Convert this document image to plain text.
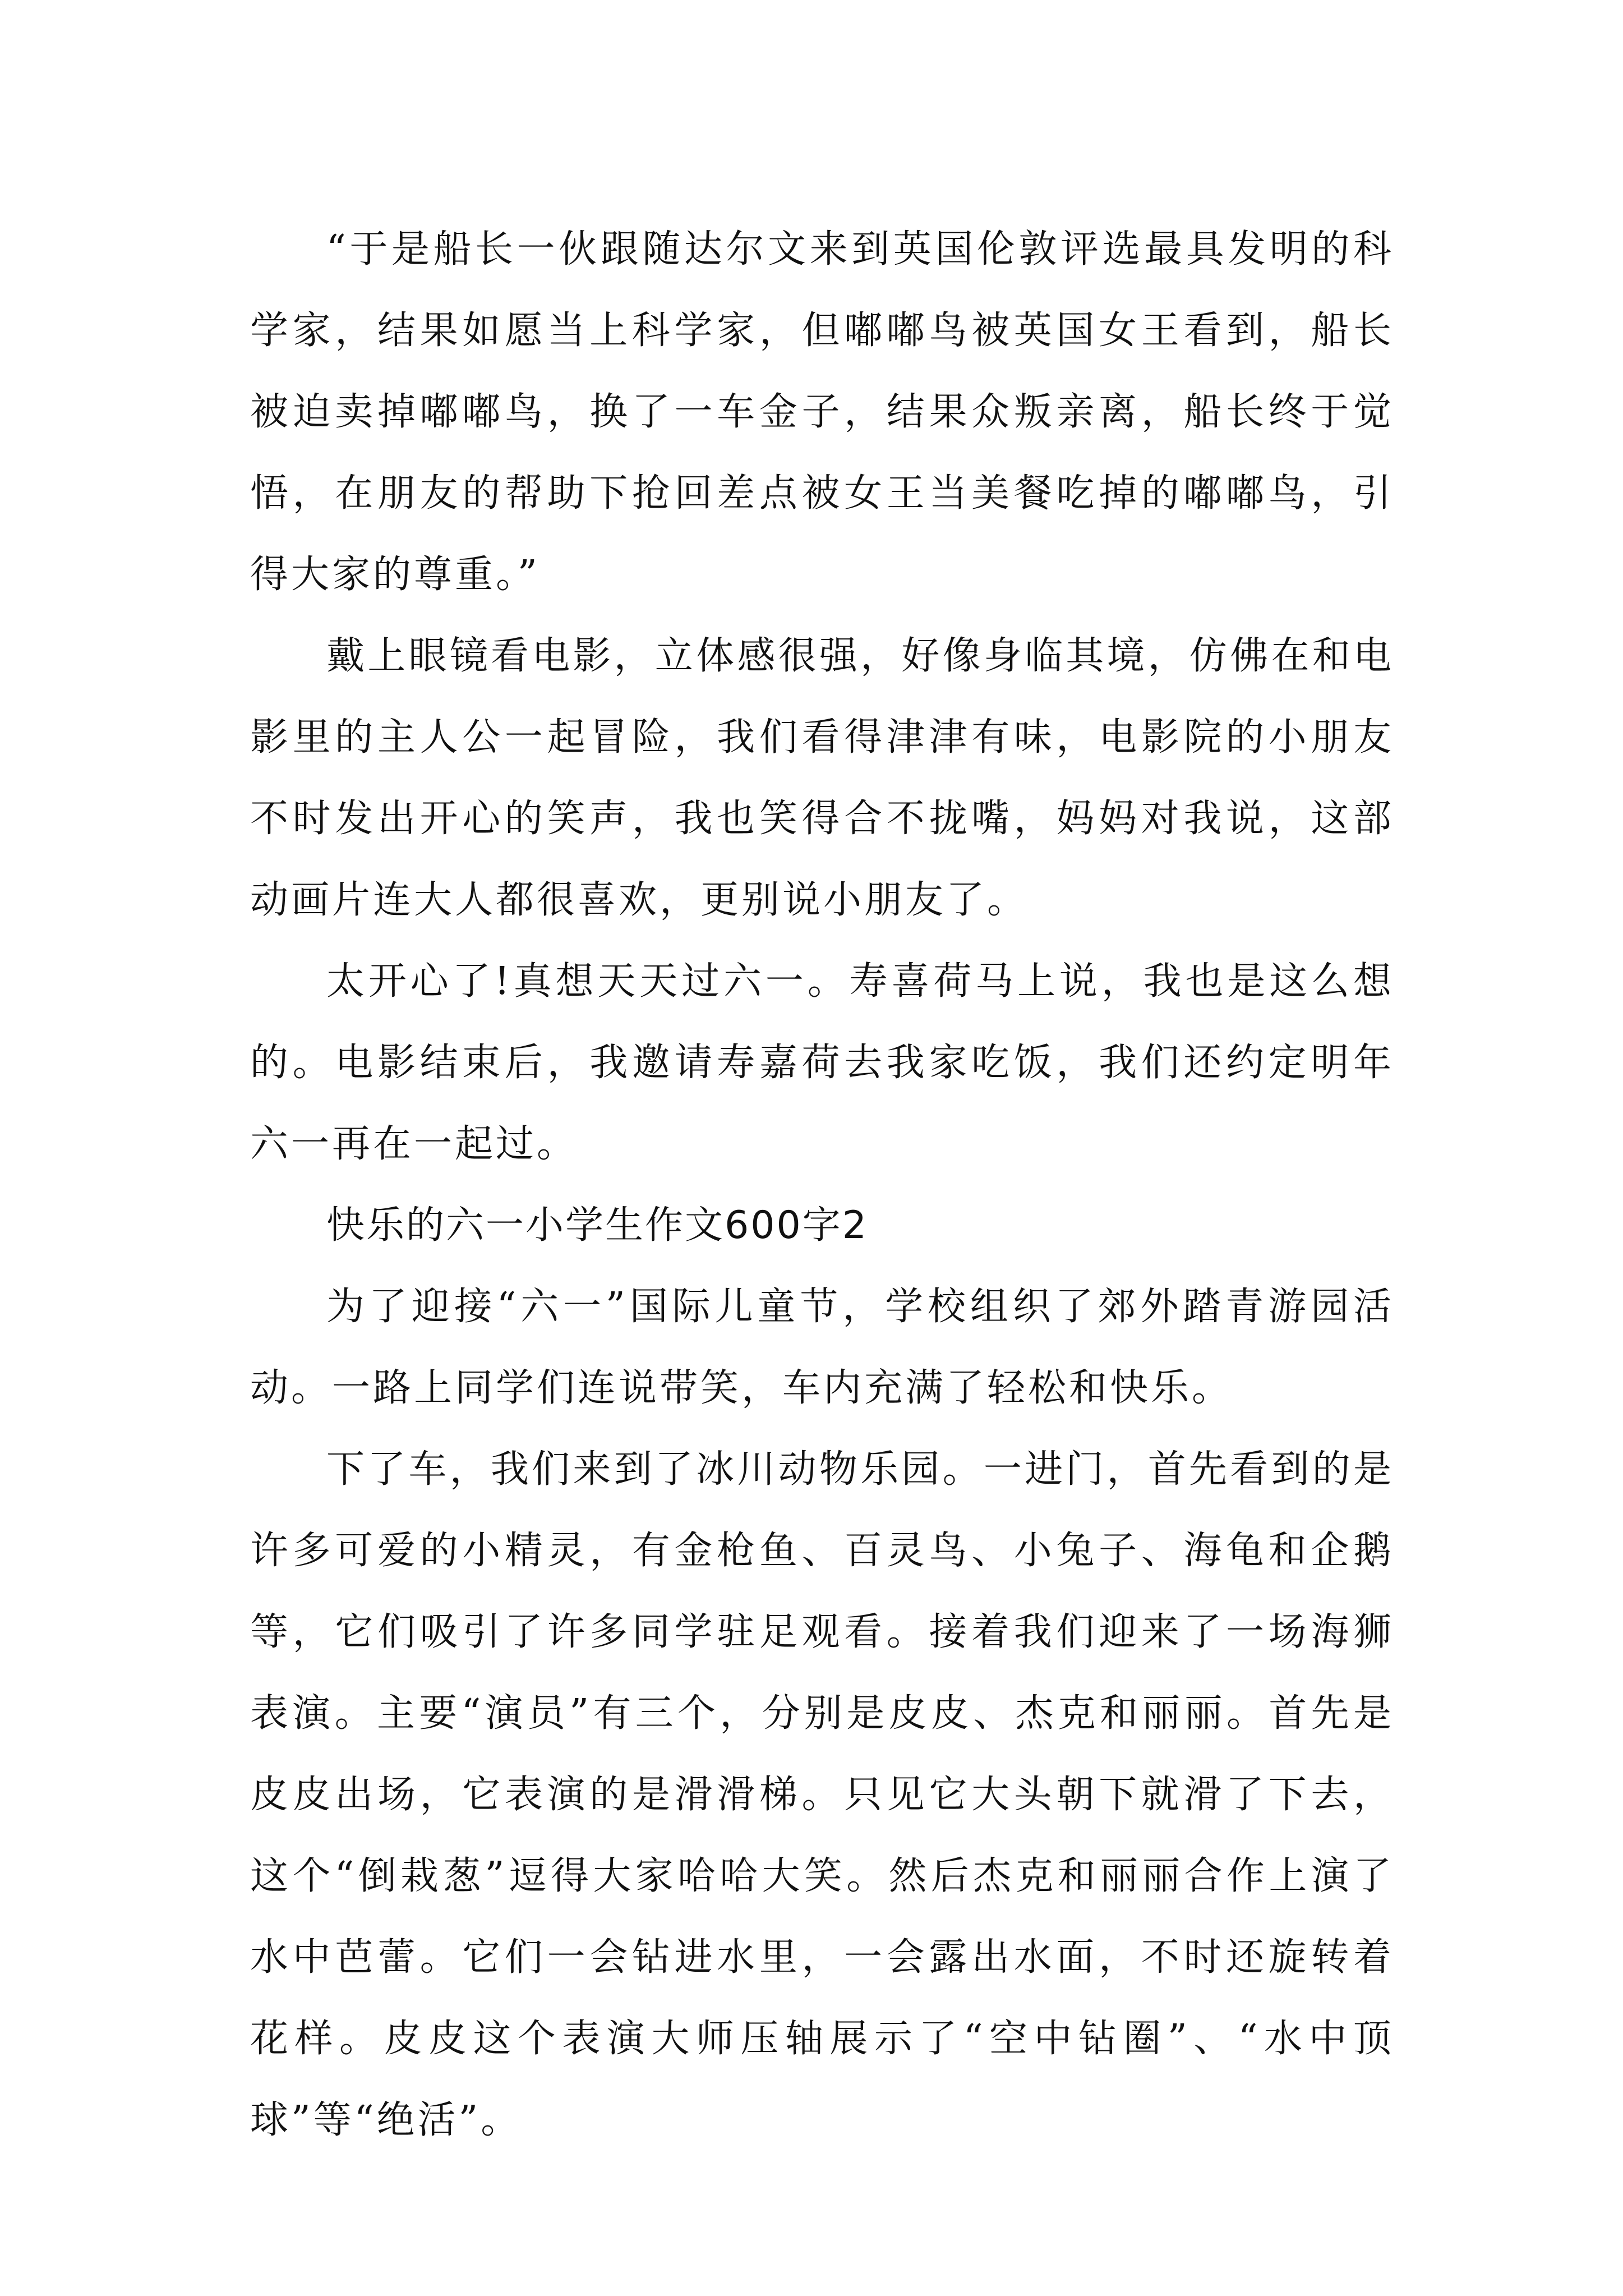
“于是船长一伙跟随达尔文来到英国伦敦评选最具发明的科学家，结果如愿当上科学家，但嘟嘟鸟被英国女王看到，船长被迫卖掉嘟嘟鸟，换了一车金子，结果众叛亲离，船长终于觉悟，在朋友的帮助下抢回差点被女王当美餐吃掉的嘟嘟鸟，引得大家的尊重。”

戴上眼镜看电影，立体感很强，好像身临其境，仿佛在和电影里的主人公一起冒险，我们看得津津有味，电影院的小朋友不时发出开心的笑声，我也笑得合不拢嘴，妈妈对我说，这部动画片连大人都很喜欢，更别说小朋友了。

太开心了!真想天天过六一。寿喜荷马上说，我也是这么想的。电影结束后，我邀请寿嘉荷去我家吃饭，我们还约定明年六一再在一起过。

快乐的六一小学生作文600字2

为了迎接“六一”国际儿童节，学校组织了郊外踏青游园活动。一路上同学们连说带笑，车内充满了轻松和快乐。

下了车，我们来到了冰川动物乐园。一进门，首先看到的是许多可爱的小精灵，有金枪鱼、百灵鸟、小兔子、海龟和企鹅等，它们吸引了许多同学驻足观看。接着我们迎来了一场海狮表演。主要“演员”有三个，分别是皮皮、杰克和丽丽。首先是皮皮出场，它表演的是滑滑梯。只见它大头朝下就滑了下去，这个“倒栽葱”逗得大家哈哈大笑。然后杰克和丽丽合作上演了水中芭蕾。它们一会钻进水里，一会露出水面，不时还旋转着花样。皮皮这个表演大师压轴展示了“空中钻圈”、“水中顶球”等“绝活”。
